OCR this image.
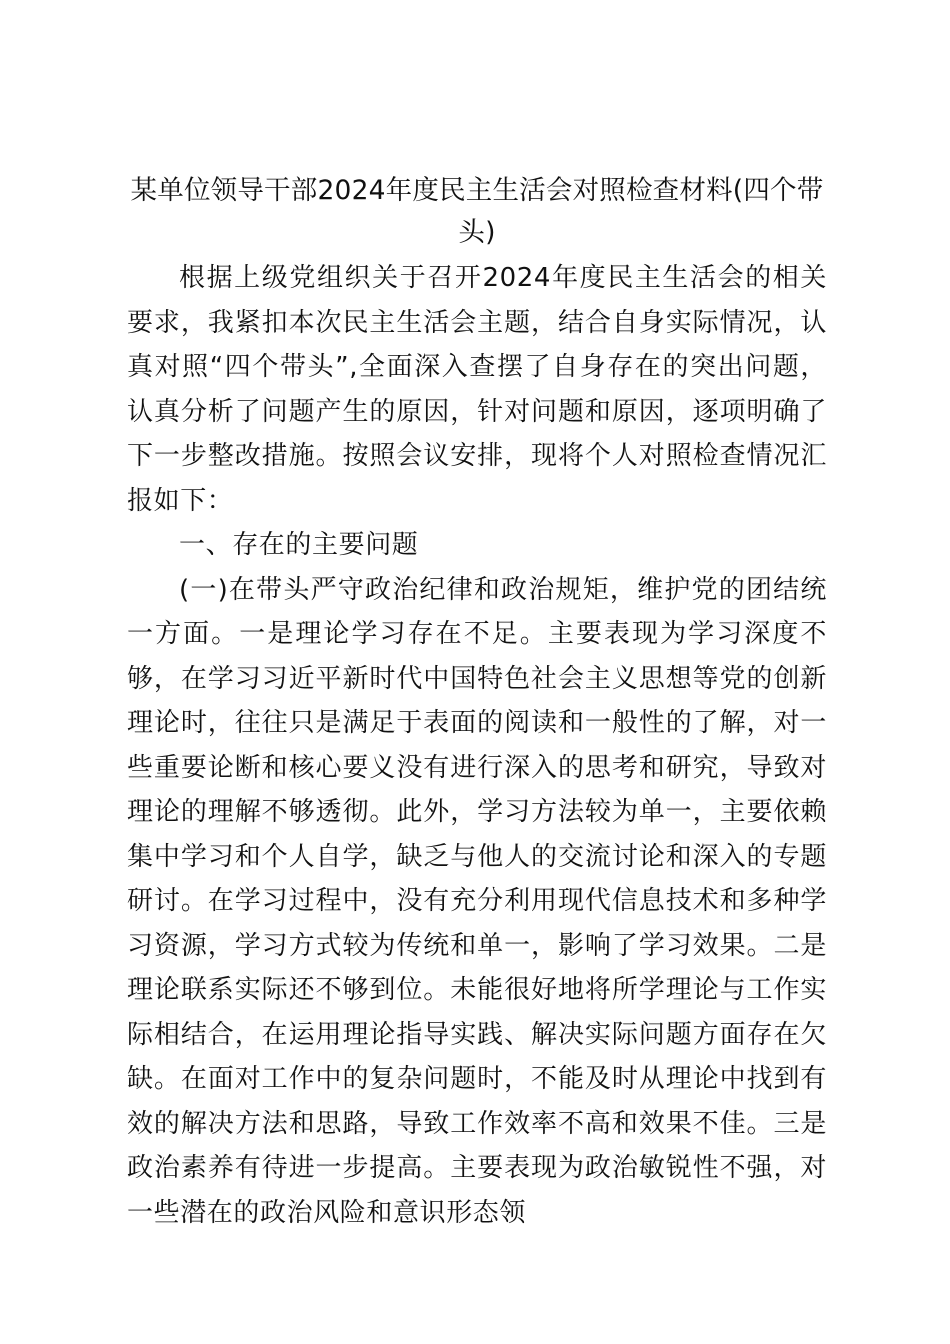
某单位领导干部2024年度民主生活会对照检查材料(四个带头)

根据上级党组织关于召开2024年度民主生活会的相关要求，我紧扣本次民主生活会主题，结合自身实际情况，认真对照“四个带头”,全面深入查摆了自身存在的突出问题，认真分析了问题产生的原因，针对问题和原因，逐项明确了下一步整改措施。按照会议安排，现将个人对照检查情况汇报如下：

一、存在的主要问题

(一)在带头严守政治纪律和政治规矩，维护党的团结统一方面。一是理论学习存在不足。主要表现为学习深度不够，在学习习近平新时代中国特色社会主义思想等党的创新理论时，往往只是满足于表面的阅读和一般性的了解，对一些重要论断和核心要义没有进行深入的思考和研究，导致对理论的理解不够透彻。此外，学习方法较为单一，主要依赖集中学习和个人自学，缺乏与他人的交流讨论和深入的专题研讨。在学习过程中，没有充分利用现代信息技术和多种学习资源，学习方式较为传统和单一，影响了学习效果。二是理论联系实际还不够到位。未能很好地将所学理论与工作实际相结合，在运用理论指导实践、解决实际问题方面存在欠缺。在面对工作中的复杂问题时，不能及时从理论中找到有效的解决方法和思路，导致工作效率不高和效果不佳。三是政治素养有待进一步提高。主要表现为政治敏锐性不强，对一些潜在的政治风险和意识形态领
